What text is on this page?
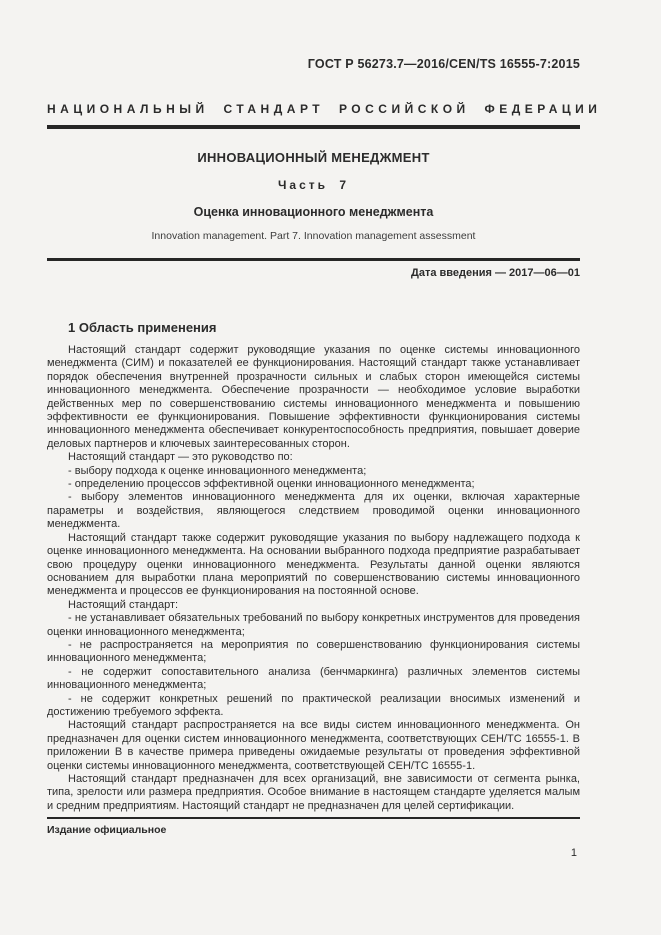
ГОСТ Р 56273.7—2016/CEN/TS 16555-7:2015
НАЦИОНАЛЬНЫЙ СТАНДАРТ РОССИЙСКОЙ ФЕДЕРАЦИИ
ИННОВАЦИОННЫЙ МЕНЕДЖМЕНТ
Часть 7
Оценка инновационного менеджмента
Innovation management. Part 7. Innovation management assessment
Дата введения — 2017—06—01
1 Область применения

Настоящий стандарт содержит руководящие указания по оценке системы инновационного менеджмента (СИМ) и показателей ее функционирования. Настоящий стандарт также устанавливает порядок обеспечения внутренней прозрачности сильных и слабых сторон имеющейся системы инновационного менеджмента. Обеспечение прозрачности — необходимое условие выработки действенных мер по совершенствованию системы инновационного менеджмента и повышению эффективности ее функционирования. Повышение эффективности функционирования системы инновационного менеджмента обеспечивает конкурентоспособность предприятия, повышает доверие деловых партнеров и ключевых заинтересованных сторон.

Настоящий стандарт — это руководство по:

- выбору подхода к оценке инновационного менеджмента;

- определению процессов эффективной оценки инновационного менеджмента;

- выбору элементов инновационного менеджмента для их оценки, включая характерные параметры и воздействия, являющегося следствием проводимой оценки инновационного менеджмента.

Настоящий стандарт также содержит руководящие указания по выбору надлежащего подхода к оценке инновационного менеджмента. На основании выбранного подхода предприятие разрабатывает свою процедуру оценки инновационного менеджмента. Результаты данной оценки являются основанием для выработки плана мероприятий по совершенствованию системы инновационного менеджмента и процессов ее функционирования на постоянной основе.

Настоящий стандарт:

- не устанавливает обязательных требований по выбору конкретных инструментов для проведения оценки инновационного менеджмента;

- не распространяется на мероприятия по совершенствованию функционирования системы инновационного менеджмента;

- не содержит сопоставительного анализа (бенчмаркинга) различных элементов системы инновационного менеджмента;

- не содержит конкретных решений по практической реализации вносимых изменений и достижению требуемого эффекта.

Настоящий стандарт распространяется на все виды систем инновационного менеджмента. Он предназначен для оценки систем инновационного менеджмента, соответствующих СЕН/ТС 16555-1. В приложении В в качестве примера приведены ожидаемые результаты от проведения эффективной оценки системы инновационного менеджмента, соответствующей СЕН/ТС 16555-1.

Настоящий стандарт предназначен для всех организаций, вне зависимости от сегмента рынка, типа, зрелости или размера предприятия. Особое внимание в настоящем стандарте уделяется малым и средним предприятиям. Настоящий стандарт не предназначен для целей сертификации.

Издание официальное
1
